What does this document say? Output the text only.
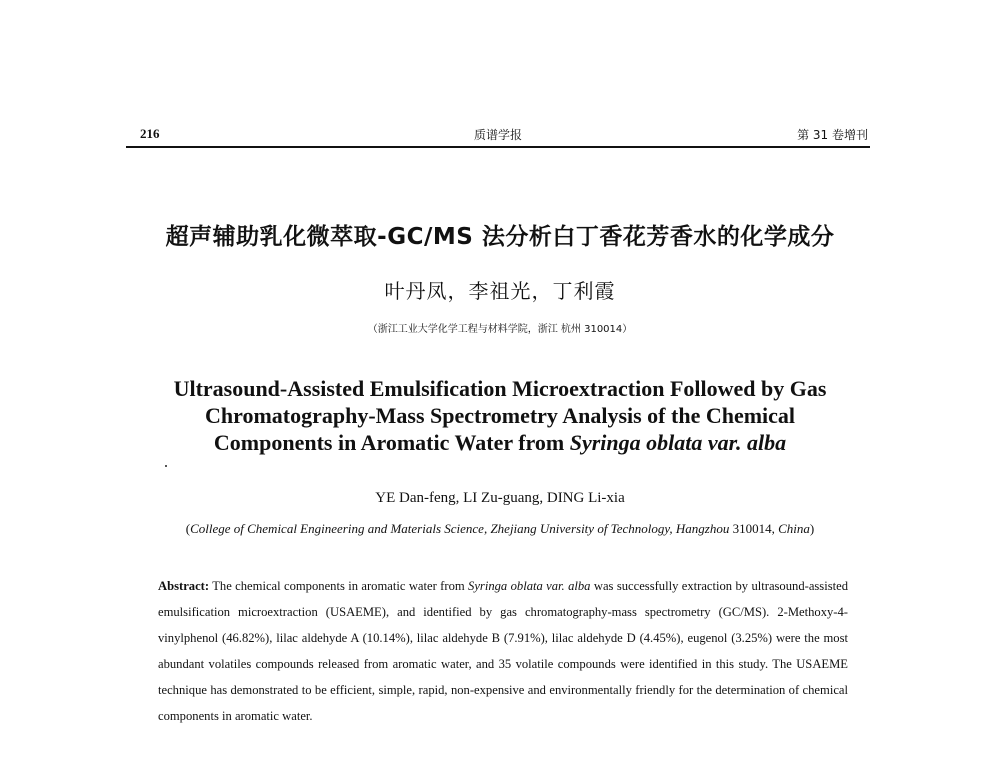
216	质谱学报	第 31 卷增刊
超声辅助乳化微萃取-GC/MS 法分析白丁香花芳香水的化学成分
叶丹凤，李祖光，丁利霞
（浙江工业大学化学工程与材料学院，浙江 杭州 310014）
Ultrasound-Assisted Emulsification Microextraction Followed by Gas
Chromatography-Mass Spectrometry Analysis of the Chemical
Components in Aromatic Water from Syringa oblata var. alba
YE Dan-feng, LI Zu-guang, DING Li-xia
(College of Chemical Engineering and Materials Science, Zhejiang University of Technology, Hangzhou 310014, China)
Abstract: The chemical components in aromatic water from Syringa oblata var. alba was successfully extraction by ultrasound-assisted emulsification microextraction (USAEME), and identified by gas chromatography-mass spectrometry (GC/MS). 2-Methoxy-4-vinylphenol (46.82%), lilac aldehyde A (10.14%), lilac aldehyde B (7.91%), lilac aldehyde D (4.45%), eugenol (3.25%) were the most abundant volatiles compounds released from aromatic water, and 35 volatile compounds were identified in this study. The USAEME technique has demonstrated to be efficient, simple, rapid, non-expensive and environmentally friendly for the determination of chemical components in aromatic water.
